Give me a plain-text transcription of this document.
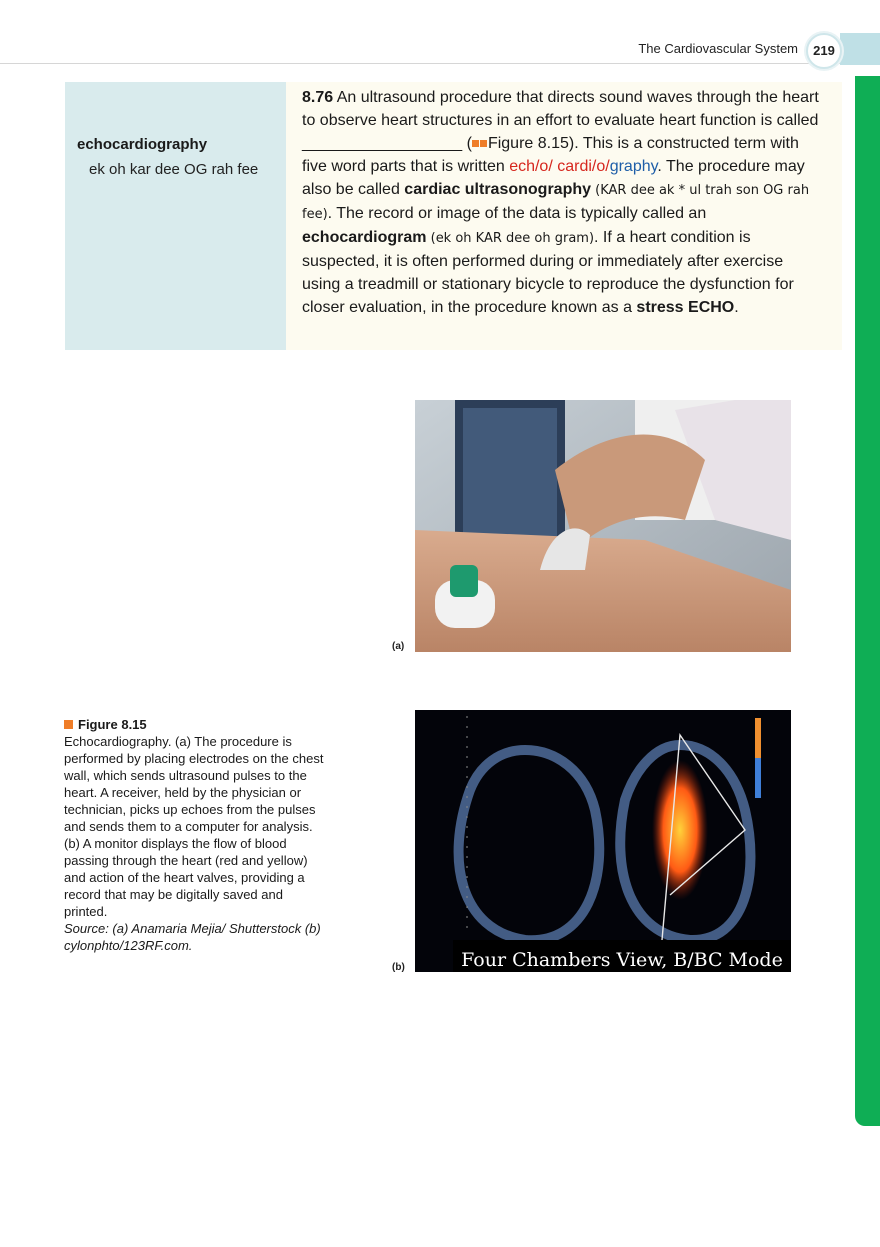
The Cardiovascular System	219
echocardiography
ek oh kar dee OG rah fee
8.76 An ultrasound procedure that directs sound waves through the heart to observe heart structures in an effort to evaluate heart function is called __________________ ( Figure 8.15). This is a constructed term with five word parts that is written ech/o/ cardi/o/graphy. The procedure may also be called cardiac ultrasonography (KAR dee ak * ul trah son OG rah fee). The record or image of the data is typically called an echocardiogram (ek oh KAR dee oh gram). If a heart condition is suspected, it is often performed during or immediately after exercise using a treadmill or stationary bicycle to reproduce the dysfunction for closer evaluation, in the procedure known as a stress ECHO.
(a)
Four Chambers View, B/BC Mode
(b)
Figure 8.15
Echocardiography. (a) The procedure is performed by placing electrodes on the chest wall, which sends ultrasound pulses to the heart. A receiver, held by the physician or technician, picks up echoes from the pulses and sends them to a computer for analysis. (b) A monitor displays the flow of blood passing through the heart (red and yellow) and action of the heart valves, providing a record that may be digitally saved and printed.
Source: (a) Anamaria Mejia/ Shutterstock (b) cylonphto/123RF.com.
